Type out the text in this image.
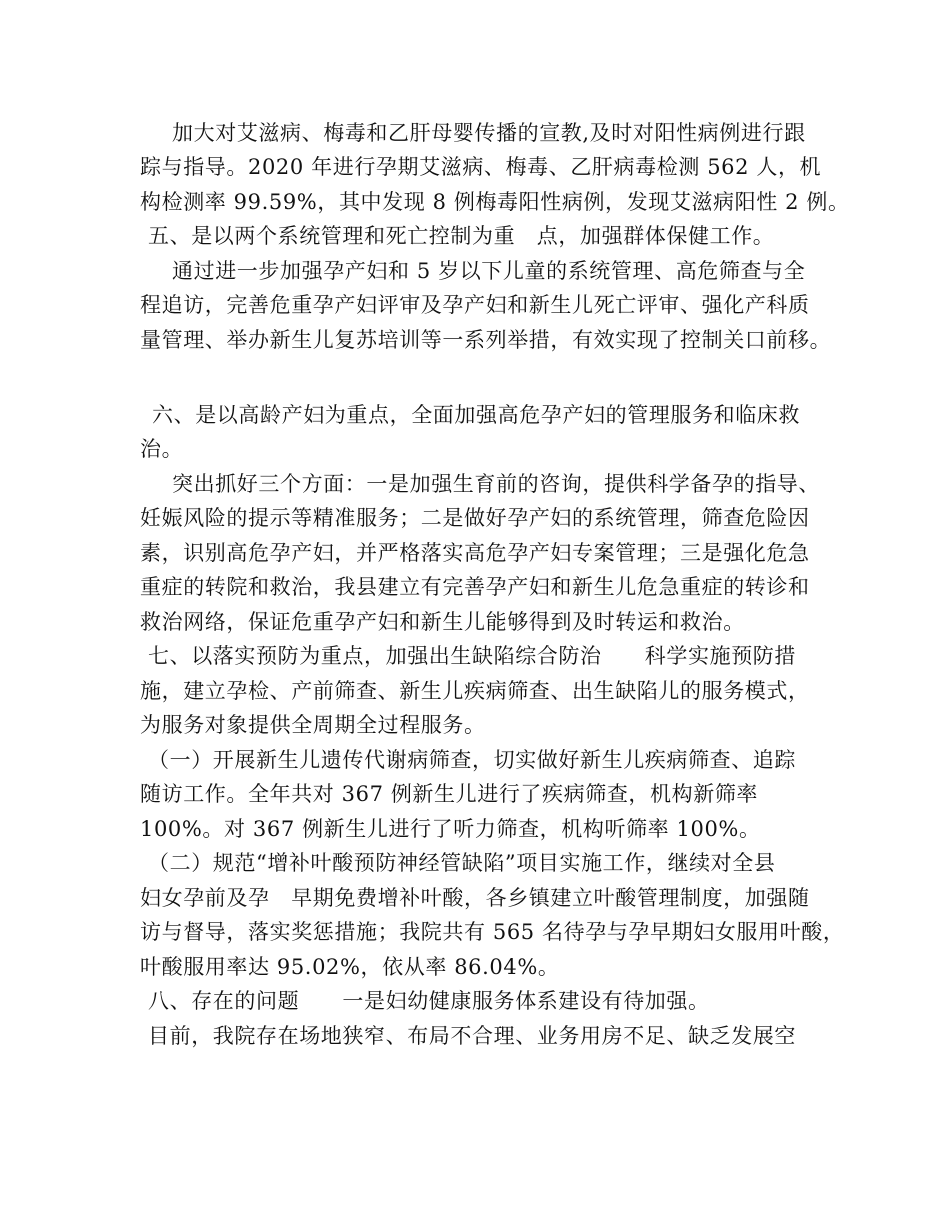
加大对艾滋病、梅毒和乙肝母婴传播的宣教,及时对阳性病例进行跟
踪与指导。2020 年进行孕期艾滋病、梅毒、乙肝病毒检测 562 人，机
构检测率 99.59%，其中发现 8 例梅毒阳性病例，发现艾滋病阳性 2 例。
五、是以两个系统管理和死亡控制为重　点，加强群体保健工作。
通过进一步加强孕产妇和 5 岁以下儿童的系统管理、高危筛查与全
程追访，完善危重孕产妇评审及孕产妇和新生儿死亡评审、强化产科质
量管理、举办新生儿复苏培训等一系列举措，有效实现了控制关口前移。
六、是以高龄产妇为重点，全面加强高危孕产妇的管理服务和临床救
治。
突出抓好三个方面：一是加强生育前的咨询，提供科学备孕的指导、
妊娠风险的提示等精准服务；二是做好孕产妇的系统管理，筛查危险因
素，识别高危孕产妇，并严格落实高危孕产妇专案管理；三是强化危急
重症的转院和救治，我县建立有完善孕产妇和新生儿危急重症的转诊和
救治网络，保证危重孕产妇和新生儿能够得到及时转运和救治。
七、以落实预防为重点，加强出生缺陷综合防治　　科学实施预防措
施，建立孕检、产前筛查、新生儿疾病筛查、出生缺陷儿的服务模式，
为服务对象提供全周期全过程服务。
（一）开展新生儿遗传代谢病筛查，切实做好新生儿疾病筛查、追踪
随访工作。全年共对 367 例新生儿进行了疾病筛查，机构新筛率
100%。对 367 例新生儿进行了听力筛查，机构听筛率 100%。
（二）规范“增补叶酸预防神经管缺陷”项目实施工作，继续对全县
妇女孕前及孕　早期免费增补叶酸，各乡镇建立叶酸管理制度，加强随
访与督导，落实奖惩措施；我院共有 565 名待孕与孕早期妇女服用叶酸，
叶酸服用率达 95.02%，依从率 86.04%。
八、存在的问题　　一是妇幼健康服务体系建设有待加强。
目前，我院存在场地狭窄、布局不合理、业务用房不足、缺乏发展空
